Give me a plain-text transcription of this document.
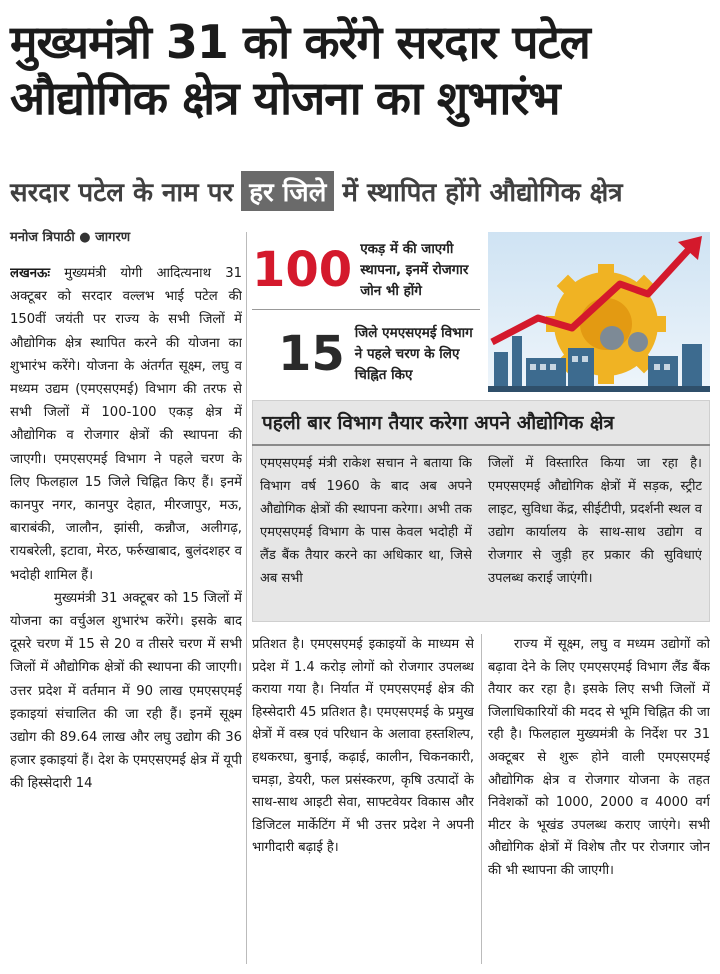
मुख्यमंत्री 31 को करेंगे सरदार पटेल
औद्योगिक क्षेत्र योजना का शुभारंभ
सरदार पटेल के नाम पर हर जिले में स्थापित होंगे औद्योगिक क्षेत्र
मनोज त्रिपाठी ● जागरण

लखनऊः मुख्यमंत्री योगी आदित्यनाथ 31 अक्टूबर को सरदार वल्लभ भाई पटेल की 150वीं जयंती पर राज्य के सभी जिलों में औद्योगिक क्षेत्र स्थापित करने की योजना का शुभारंभ करेंगे। योजना के अंतर्गत सूक्ष्म, लघु व मध्यम उद्यम (एमएसएमई) विभाग की तरफ से सभी जिलों में 100-100 एकड़ क्षेत्र में औद्योगिक व रोजगार क्षेत्रों की स्थापना की जाएगी। एमएसएमई विभाग ने पहले चरण के लिए फिलहाल 15 जिले चिह्नित किए हैं। इनमें कानपुर नगर, कानपुर देहात, मीरजापुर, मऊ, बाराबंकी, जालौन, झांसी, कन्नौज, अलीगढ़, रायबरेली, इटावा, मेरठ, फर्रुखाबाद, बुलंदशहर व भदोही शामिल हैं।

मुख्यमंत्री 31 अक्टूबर को 15 जिलों में योजना का वर्चुअल शुभारंभ करेंगे। इसके बाद दूसरे चरण में 15 से 20 व तीसरे चरण में सभी जिलों में औद्योगिक क्षेत्रों की स्थापना की जाएगी। उत्तर प्रदेश में वर्तमान में 90 लाख एमएसएमई इकाइयां संचालित की जा रही हैं। इनमें सूक्ष्म उद्योग की 89.64 लाख और लघु उद्योग की 36 हजार इकाइयां हैं। देश के एमएसएमई क्षेत्र में यूपी की हिस्सेदारी 14

100 एकड़ में की जाएगी स्थापना, इनमें रोजगार जोन भी होंगे
15 जिले एमएसएमई विभाग ने पहले चरण के लिए चिह्नित किए
पहली बार विभाग तैयार करेगा अपने औद्योगिक क्षेत्र
एमएसएमई मंत्री राकेश सचान ने बताया कि विभाग वर्ष 1960 के बाद अब अपने औद्योगिक क्षेत्रों की स्थापना करेगा। अभी तक एमएसएमई विभाग के पास केवल भदोही में लैंड बैंक तैयार करने का अधिकार था, जिसे अब सभी
जिलों में विस्तारित किया जा रहा है। एमएसएमई औद्योगिक क्षेत्रों में सड़क, स्ट्रीट लाइट, सुविधा केंद्र, सीईटीपी, प्रदर्शनी स्थल व उद्योग कार्यालय के साथ-साथ उद्योग व रोजगार से जुड़ी हर प्रकार की सुविधाएं उपलब्ध कराई जाएंगी।
प्रतिशत है। एमएसएमई इकाइयों के माध्यम से प्रदेश में 1.4 करोड़ लोगों को रोजगार उपलब्ध कराया गया है। निर्यात में एमएसएमई क्षेत्र की हिस्सेदारी 45 प्रतिशत है। एमएसएमई के प्रमुख क्षेत्रों में वस्त्र एवं परिधान के अलावा हस्तशिल्प, हथकरघा, बुनाई, कढ़ाई, कालीन, चिकनकारी, चमड़ा, डेयरी, फल प्रसंस्करण, कृषि उत्पादों के साथ-साथ आइटी सेवा, साफ्टवेयर विकास और डिजिटल मार्केटिंग में भी उत्तर प्रदेश ने अपनी भागीदारी बढ़ाई है।

राज्य में सूक्ष्म, लघु व मध्यम उद्योगों को बढ़ावा देने के लिए एमएसएमई विभाग लैंड बैंक तैयार कर रहा है। इसके लिए सभी जिलों में जिलाधिकारियों की मदद से भूमि चिह्नित की जा रही है। फिलहाल मुख्यमंत्री के निर्देश पर 31 अक्टूबर से शुरू होने वाली एमएसएमई औद्योगिक क्षेत्र व रोजगार योजना के तहत निवेशकों को 1000, 2000 व 4000 वर्ग मीटर के भूखंड उपलब्ध कराए जाएंगे। सभी औद्योगिक क्षेत्रों में विशेष तौर पर रोजगार जोन की भी स्थापना की जाएगी।
